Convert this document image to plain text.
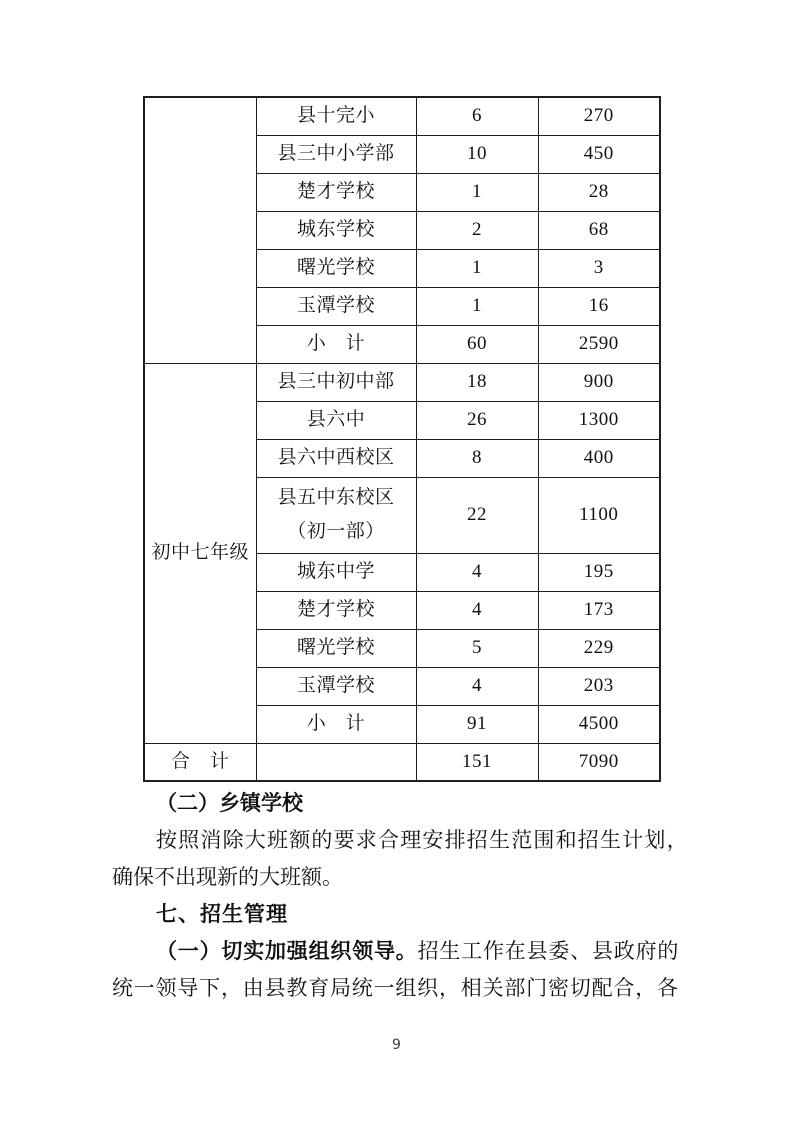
	县十完小	6	270
	县三中小学部	10	450
	楚才学校	1	28
	城东学校	2	68
	曙光学校	1	3
	玉潭学校	1	16
	小　计	60	2590
初中七年级	县三中初中部	18	900
	县六中	26	1300
	县六中西校区	8	400
	县五中东校区（初一部）	22	1100
	城东中学	4	195
	楚才学校	4	173
	曙光学校	5	229
	玉潭学校	4	203
	小　计	91	4500
合　计		151	7090
（二）乡镇学校
按照消除大班额的要求合理安排招生范围和招生计划，
确保不出现新的大班额。
七、招生管理
（一）切实加强组织领导。招生工作在县委、县政府的
统一领导下，由县教育局统一组织，相关部门密切配合，各
9
